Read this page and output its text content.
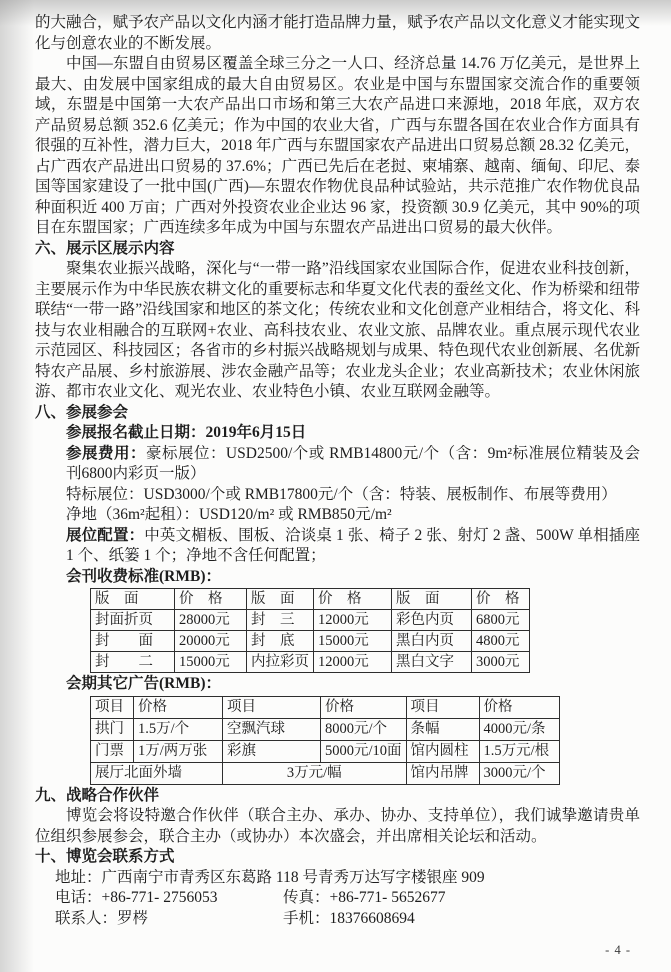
的大融合，赋予农产品以文化内涵才能打造品牌力量，赋予农产品以文化意义才能实现文化与创意农业的不断发展。

中国—东盟自由贸易区覆盖全球三分之一人口、经济总量 14.76 万亿美元，是世界上最大、由发展中国家组成的最大自由贸易区。农业是中国与东盟国家交流合作的重要领域，东盟是中国第一大农产品出口市场和第三大农产品进口来源地，2018 年底，双方农产品贸易总额 352.6 亿美元；作为中国的农业大省，广西与东盟各国在农业合作方面具有很强的互补性，潜力巨大，2018 年广西与东盟国家农产品进出口贸易总额 28.32 亿美元，占广西农产品进出口贸易的 37.6%；广西已先后在老挝、柬埔寨、越南、缅甸、印尼、泰国等国家建设了一批中国(广西)—东盟农作物优良品种试验站，共示范推广农作物优良品种面积近 400 万亩；广西对外投资农业企业达 96 家，投资额 30.9 亿美元，其中 90%的项目在东盟国家；广西连续多年成为中国与东盟农产品进出口贸易的最大伙伴。

六、展示区展示内容

聚集农业振兴战略，深化与“一带一路”沿线国家农业国际合作，促进农业科技创新，主要展示作为中华民族农耕文化的重要标志和华夏文化代表的蚕丝文化、作为桥梁和纽带联结“一带一路”沿线国家和地区的茶文化；传统农业和文化创意产业相结合，将文化、科技与农业相融合的互联网+农业、高科技农业、农业文旅、品牌农业。重点展示现代农业示范园区、科技园区；各省市的乡村振兴战略规划与成果、特色现代农业创新展、名优新特农产品展、乡村旅游展、涉农金融产品等；农业龙头企业；农业高新技术；农业休闲旅游、都市农业文化、观光农业、农业特色小镇、农业互联网金融等。

八、参展参会

参展报名截止日期：2019年6月15日

参展费用：豪标展位：USD2500/个或 RMB14800元/个（含：9m²标准展位精装及会刊6800内彩页一版）

特标展位：USD3000/个或 RMB17800元/个（含：特装、展板制作、布展等费用）

净地（36m²起租）：USD120/m² 或 RMB850元/m²

展位配置：中英文楣板、围板、洽谈桌 1 张、椅子 2 张、射灯 2 盏、500W 单相插座 1 个、纸篓 1 个；净地不含任何配置；

会刊收费标准(RMB)：

版　面	价　格	版　面	价　格	版　面	价　格
封面折页	28000元	封　三	12000元	彩色内页	6800元
封　　面	20000元	封　底	15000元	黑白内页	4800元
封　　二	15000元	内拉彩页	12000元	黑白文字	3000元

会期其它广告(RMB)：

项目	价格	项目	价格	项目	价格
拱门	1.5万/个	空飘汽球	8000元/个	条幅	4000元/条
门票	1万/两万张	彩旗	5000元/10面	馆内圆柱	1.5万元/根
展厅北面外墙		3万元/幅		馆内吊牌	3000元/个
九、战略合作伙伴

博览会将设特邀合作伙伴（联合主办、承办、协办、支持单位），我们诚挚邀请贵单位组织参展参会，联合主办（或协办）本次盛会，并出席相关论坛和活动。

十、博览会联系方式

地址：广西南宁市青秀区东葛路 118 号青秀万达写字楼银座 909

电话：+86-771- 2756053	传真：+86-771- 5652677

联系人：罗梣	手机：18376608694

- 4 -
